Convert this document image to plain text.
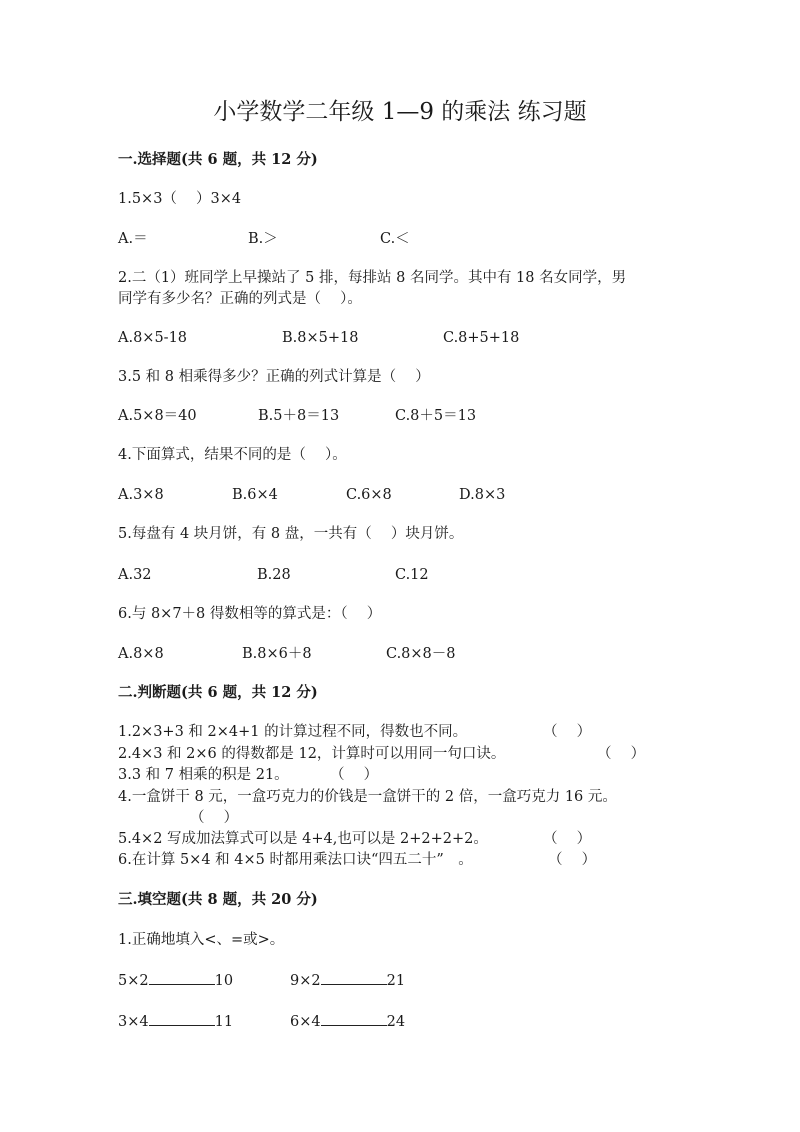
小学数学二年级 1—9 的乘法 练习题
一.选择题(共 6 题，共 12 分)
1.5×3（　 ）3×4
A.＝	B.＞	C.＜
2.二（1）班同学上早操站了 5 排，每排站 8 名同学。其中有 18 名女同学，男
同学有多少名？正确的列式是（　 ）。
A.8×5-18	B.8×5+18	C.8+5+18
3.5 和 8 相乘得多少？正确的列式计算是（　 ）
A.5×8＝40	B.5＋8＝13	C.8＋5＝13
4.下面算式，结果不同的是（　 ）。
A.3×8	B.6×4	C.6×8	D.8×3
5.每盘有 4 块月饼，有 8 盘，一共有（　 ）块月饼。
A.32	B.28	C.12
6.与 8×7＋8 得数相等的算式是：（　 ）
A.8×8	B.8×6＋8	C.8×8－8
二.判断题(共 6 题，共 12 分)
1.2×3+3 和 2×4+1 的计算过程不同，得数也不同。	（　 ）
2.4×3 和 2×6 的得数都是 12，计算时可以用同一句口诀。	（　 ）
3.3 和 7 相乘的积是 21。	（　 ）
4.一盒饼干 8 元，一盒巧克力的价钱是一盒饼干的 2 倍，一盒巧克力 16 元。
（　 ）
5.4×2 写成加法算式可以是 4+4,也可以是 2+2+2+2。	（　 ）
6.在计算 5×4 和 4×5 时都用乘法口诀“四五二十”　。	（　 ）
三.填空题(共 8 题，共 20 分)
1.正确地填入<、=或>。
5×2	10	9×2	21
3×4	11	6×4	24
